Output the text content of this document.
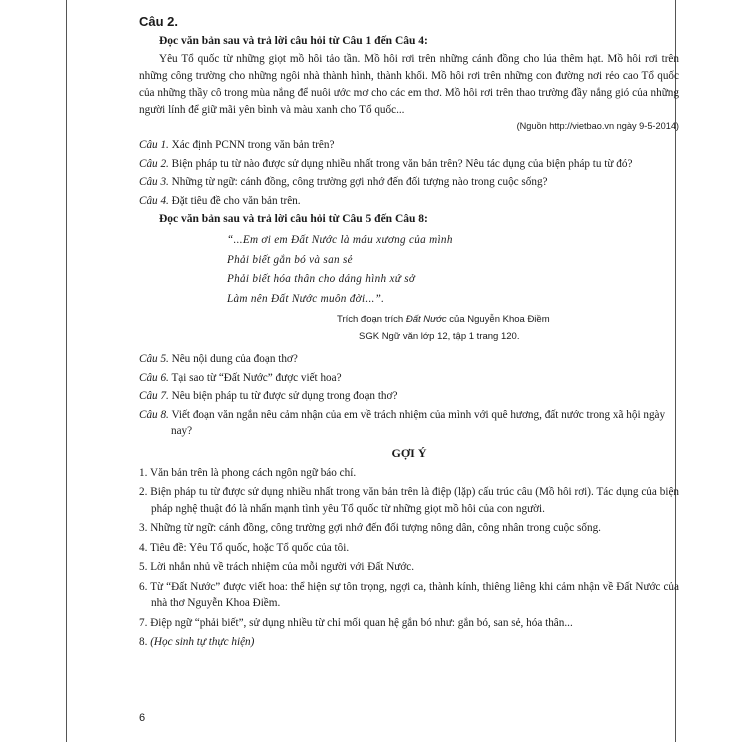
Câu 2.
Đọc văn bản sau và trả lời câu hỏi từ Câu 1 đến Câu 4:

Yêu Tổ quốc từ những giọt mồ hôi tảo tần. Mồ hôi rơi trên những cánh đồng cho lúa thêm hạt. Mồ hôi rơi trên những công trường cho những ngôi nhà thành hình, thành khối. Mồ hôi rơi trên những con đường nơi rẻo cao Tổ quốc của những thầy cô trong mùa nắng để nuôi ước mơ cho các em thơ. Mồ hôi rơi trên thao trường đầy nắng gió của những người lính để giữ mãi yên bình và màu xanh cho Tổ quốc...

(Nguồn http://vietbao.vn ngày 9-5-2014)

Câu 1. Xác định PCNN trong văn bản trên?

Câu 2. Biện pháp tu từ nào được sử dụng nhiều nhất trong văn bản trên? Nêu tác dụng của biện pháp tu từ đó?

Câu 3. Những từ ngữ: cánh đồng, công trường gợi nhớ đến đối tượng nào trong cuộc sống?

Câu 4. Đặt tiêu đề cho văn bản trên.

Đọc văn bản sau và trả lời câu hỏi từ Câu 5 đến Câu 8:
“...Em ơi em Đất Nước là máu xương của mình
Phải biết gắn bó và san sẻ
Phải biết hóa thân cho dáng hình xứ sở
Làm nên Đất Nước muôn đời...”.

Trích đoạn trích Đất Nước của Nguyễn Khoa Điềm

SGK Ngữ văn lớp 12, tập 1 trang 120.

Câu 5. Nêu nội dung của đoạn thơ?

Câu 6. Tại sao từ “Đất Nước” được viết hoa?

Câu 7. Nêu biện pháp tu từ được sử dụng trong đoạn thơ?

Câu 8. Viết đoạn văn ngắn nêu cảm nhận của em về trách nhiệm của mình với quê hương, đất nước trong xã hội ngày nay?

GỢI Ý

1. Văn bản trên là phong cách ngôn ngữ báo chí.

2. Biện pháp tu từ được sử dụng nhiều nhất trong văn bản trên là điệp (lặp) cấu trúc câu (Mồ hôi rơi). Tác dụng của biện pháp nghệ thuật đó là nhấn mạnh tình yêu Tổ quốc từ những giọt mồ hôi của con người.

3. Những từ ngữ: cánh đồng, công trường gợi nhớ đến đối tượng nông dân, công nhân trong cuộc sống.

4. Tiêu đề: Yêu Tổ quốc, hoặc Tổ quốc của tôi.

5. Lời nhắn nhủ về trách nhiệm của mỗi người với Đất Nước.

6. Từ “Đất Nước” được viết hoa: thể hiện sự tôn trọng, ngợi ca, thành kính, thiêng liêng khi cảm nhận về Đất Nước của nhà thơ Nguyễn Khoa Điềm.

7. Điệp ngữ “phải biết”, sử dụng nhiều từ chỉ mối quan hệ gắn bó như: gắn bó, san sẻ, hóa thân...

8. (Học sinh tự thực hiện)

6
